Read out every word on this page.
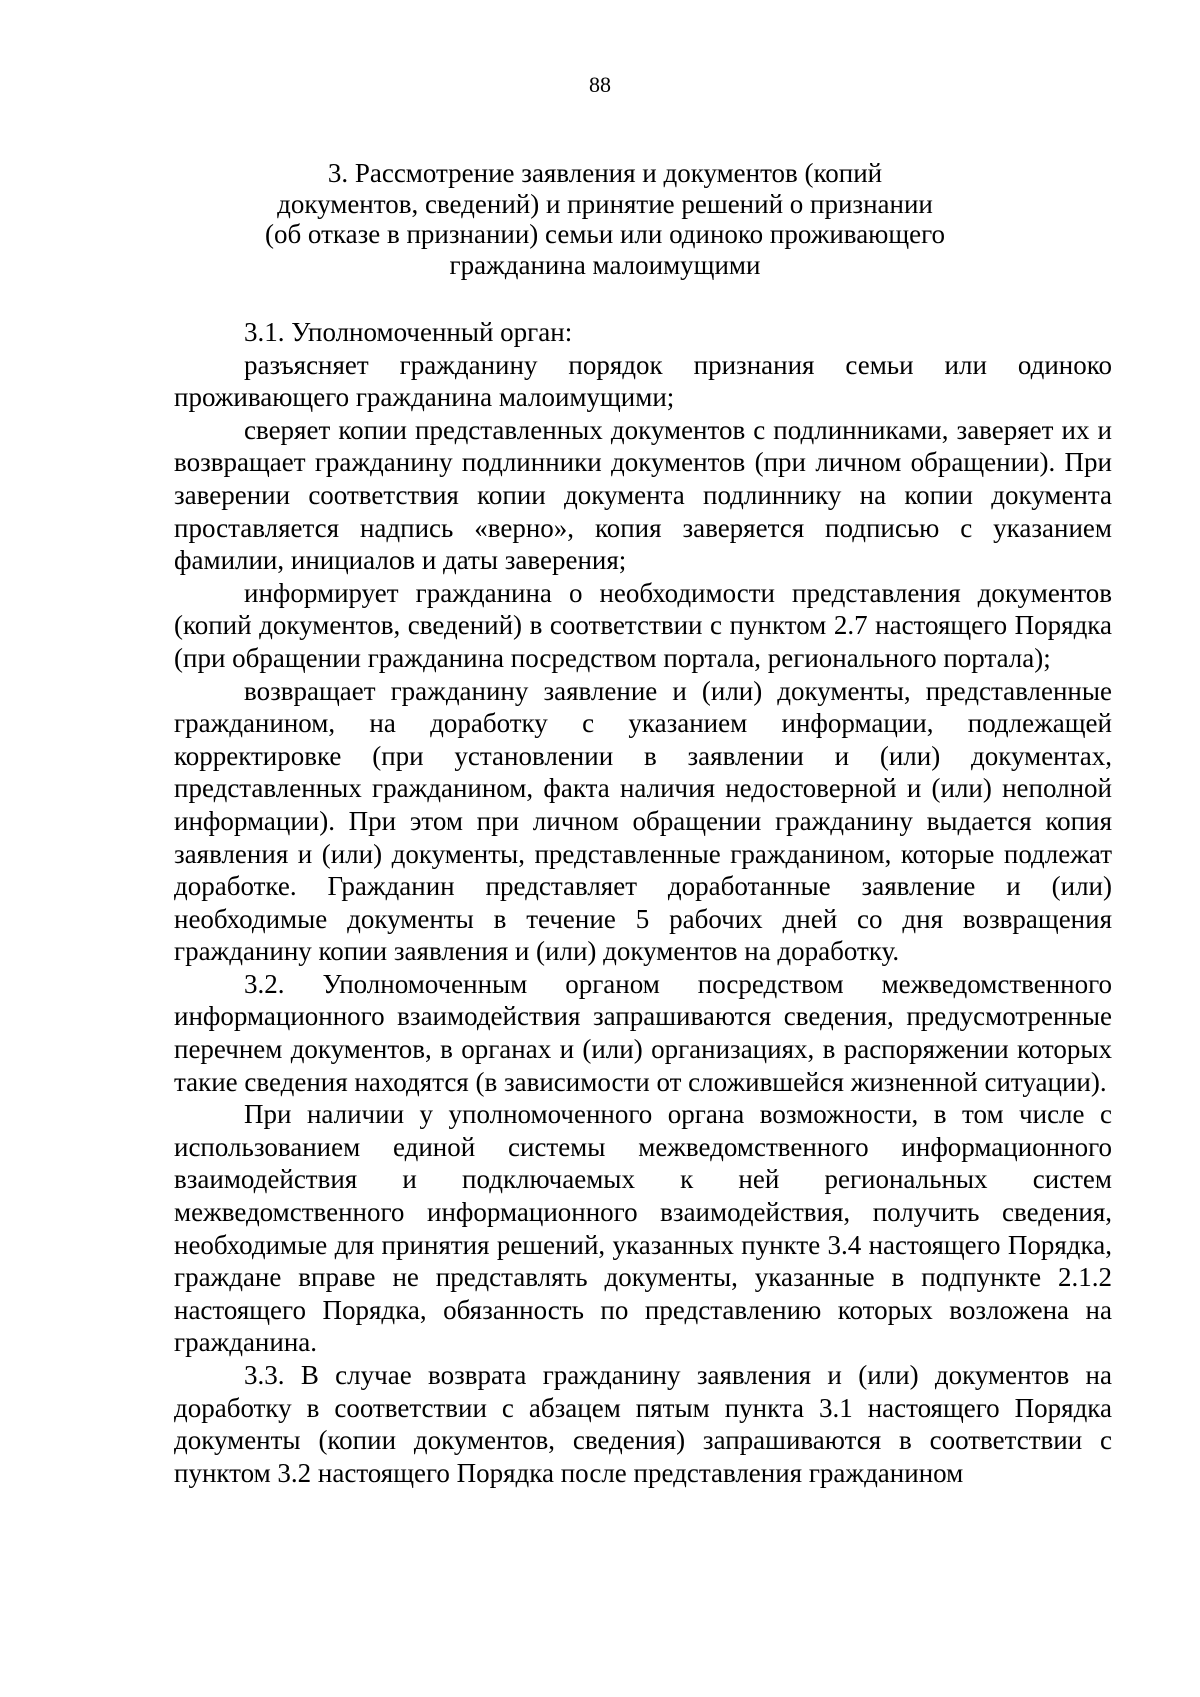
88
3. Рассмотрение заявления и документов (копий документов, сведений) и принятие решений о признании (об отказе в признании) семьи или одиноко проживающего гражданина малоимущими

3.1. Уполномоченный орган:

разъясняет гражданину порядок признания семьи или одиноко проживающего гражданина малоимущими;

сверяет копии представленных документов с подлинниками, заверяет их и возвращает гражданину подлинники документов (при личном обращении). При заверении соответствия копии документа подлиннику на копии документа проставляется надпись «верно», копия заверяется подписью с указанием фамилии, инициалов и даты заверения;

информирует гражданина о необходимости представления документов (копий документов, сведений) в соответствии с пунктом 2.7 настоящего Порядка (при обращении гражданина посредством портала, регионального портала);

возвращает гражданину заявление и (или) документы, представленные гражданином, на доработку с указанием информации, подлежащей корректировке (при установлении в заявлении и (или) документах, представленных гражданином, факта наличия недостоверной и (или) неполной информации). При этом при личном обращении гражданину выдается копия заявления и (или) документы, представленные гражданином, которые подлежат доработке. Гражданин представляет доработанные заявление и (или) необходимые документы в течение 5 рабочих дней со дня возвращения гражданину копии заявления и (или) документов на доработку.

3.2. Уполномоченным органом посредством межведомственного информационного взаимодействия запрашиваются сведения, предусмотренные перечнем документов, в органах и (или) организациях, в распоряжении которых такие сведения находятся (в зависимости от сложившейся жизненной ситуации).

При наличии у уполномоченного органа возможности, в том числе с использованием единой системы межведомственного информационного взаимодействия и подключаемых к ней региональных систем межведомственного информационного взаимодействия, получить сведения, необходимые для принятия решений, указанных пункте 3.4 настоящего Порядка, граждане вправе не представлять документы, указанные в подпункте 2.1.2 настоящего Порядка, обязанность по представлению которых возложена на гражданина.

3.3. В случае возврата гражданину заявления и (или) документов на доработку в соответствии с абзацем пятым пункта 3.1 настоящего Порядка документы (копии документов, сведения) запрашиваются в соответствии с пунктом 3.2 настоящего Порядка после представления гражданином
